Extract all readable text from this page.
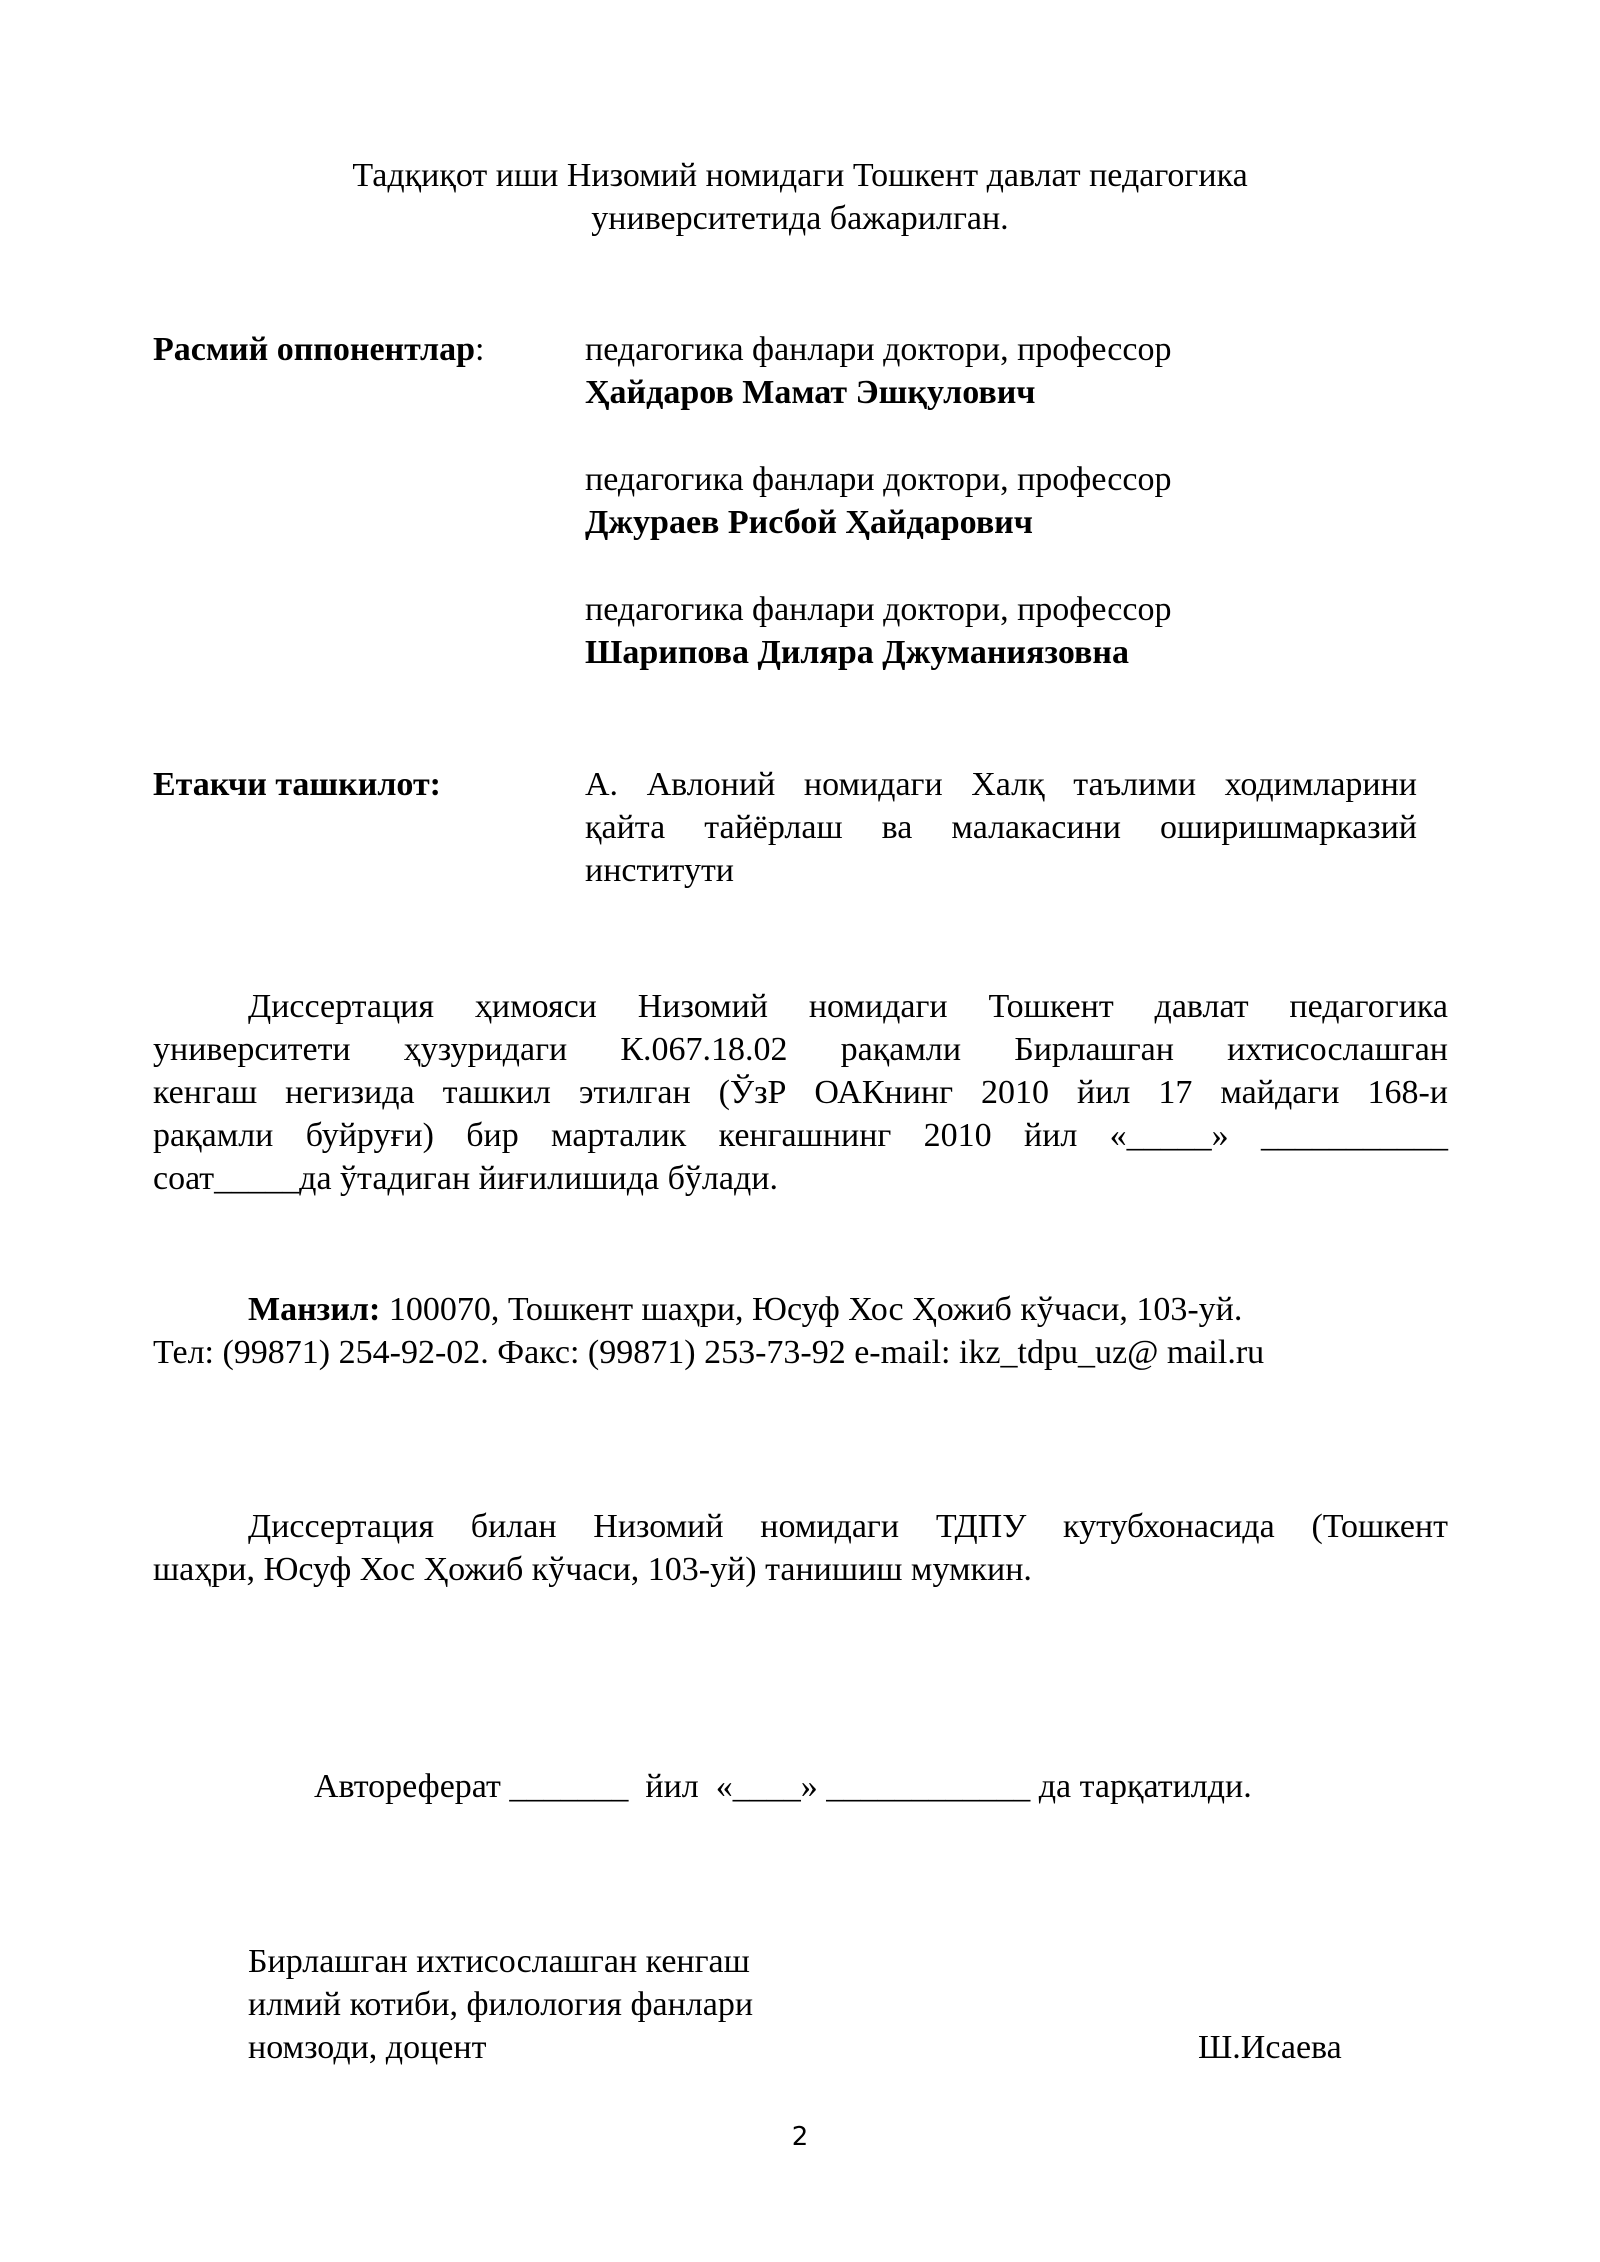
Тадқиқот иши Низомий номидаги Тошкент давлат педагогика
университетида бажарилган.
Расмий оппонентлар:	педагогика фанлари доктори, профессор
Ҳайдаров Мамат Эшқулович
педагогика фанлари доктори, профессор
Джураев Рисбой Ҳайдарович
педагогика фанлари доктори, профессор
Шарипова Диляра Джуманиязовна
Етакчи ташкилот:	А. Авлоний номидаги Халқ таълими ходимларини
қайта тайёрлаш ва малакасини оширишмарказий
институти
Диссертация ҳимояси Низомий номидаги Тошкент давлат педагогика
университети ҳузуридаги К.067.18.02 рақамли Бирлашган ихтисослашган
кенгаш негизида ташкил этилган (ЎзР ОАКнинг 2010 йил 17 майдаги 168-и
рақамли буйруғи) бир марталик кенгашнинг 2010 йил «_____» ___________
соат_____да ўтадиган йиғилишида бўлади.
Манзил: 100070, Тошкент шаҳри, Юсуф Хос Ҳожиб кўчаси, 103-уй.
Тел: (99871) 254-92-02. Факс: (99871) 253-73-92 e-mail: ikz_tdpu_uz@ mail.ru
Диссертация билан Низомий номидаги ТДПУ кутубхонасида (Тошкент
шаҳри, Юсуф Хос Ҳожиб кўчаси, 103-уй) танишиш мумкин.

Автореферат _______  йил  «____» ____________ да тарқатилди.

Бирлашган ихтисослашган кенгаш
илмий котиби, филология фанлари
номзоди, доцент	Ш.Исаева
2
